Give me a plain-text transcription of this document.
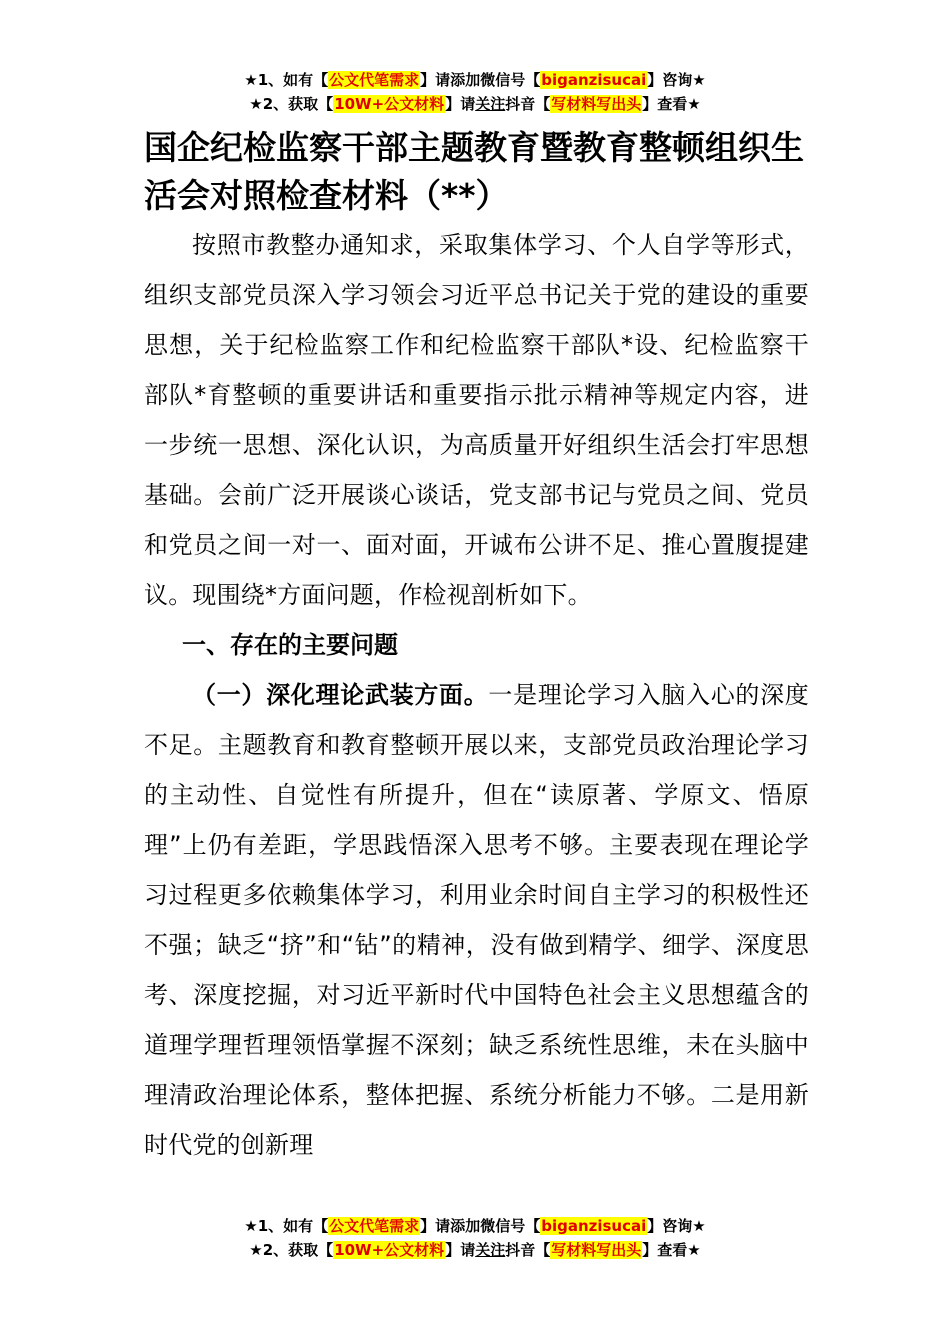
★1、如有【公文代笔需求】请添加微信号【biganzisucai】咨询★
★2、获取【10W+公文材料】请关注抖音【写材料写出头】查看★
国企纪检监察干部主题教育暨教育整顿组织生活会对照检查材料（**）

按照市教整办通知求，采取集体学习、个人自学等形式，组织支部党员深入学习领会习近平总书记关于党的建设的重要思想，关于纪检监察工作和纪检监察干部队*设、纪检监察干部队*育整顿的重要讲话和重要指示批示精神等规定内容，进一步统一思想、深化认识，为高质量开好组织生活会打牢思想基础。会前广泛开展谈心谈话，党支部书记与党员之间、党员和党员之间一对一、面对面，开诚布公讲不足、推心置腹提建议。现围绕*方面问题，作检视剖析如下。

一、存在的主要问题

（一）深化理论武装方面。一是理论学习入脑入心的深度不足。主题教育和教育整顿开展以来，支部党员政治理论学习的主动性、自觉性有所提升，但在“读原著、学原文、悟原理”上仍有差距，学思践悟深入思考不够。主要表现在理论学习过程更多依赖集体学习，利用业余时间自主学习的积极性还不强；缺乏“挤”和“钻”的精神，没有做到精学、细学、深度思考、深度挖掘，对习近平新时代中国特色社会主义思想蕴含的道理学理哲理领悟掌握不深刻；缺乏系统性思维，未在头脑中理清政治理论体系，整体把握、系统分析能力不够。二是用新时代党的创新理

★1、如有【公文代笔需求】请添加微信号【biganzisucai】咨询★
★2、获取【10W+公文材料】请关注抖音【写材料写出头】查看★
